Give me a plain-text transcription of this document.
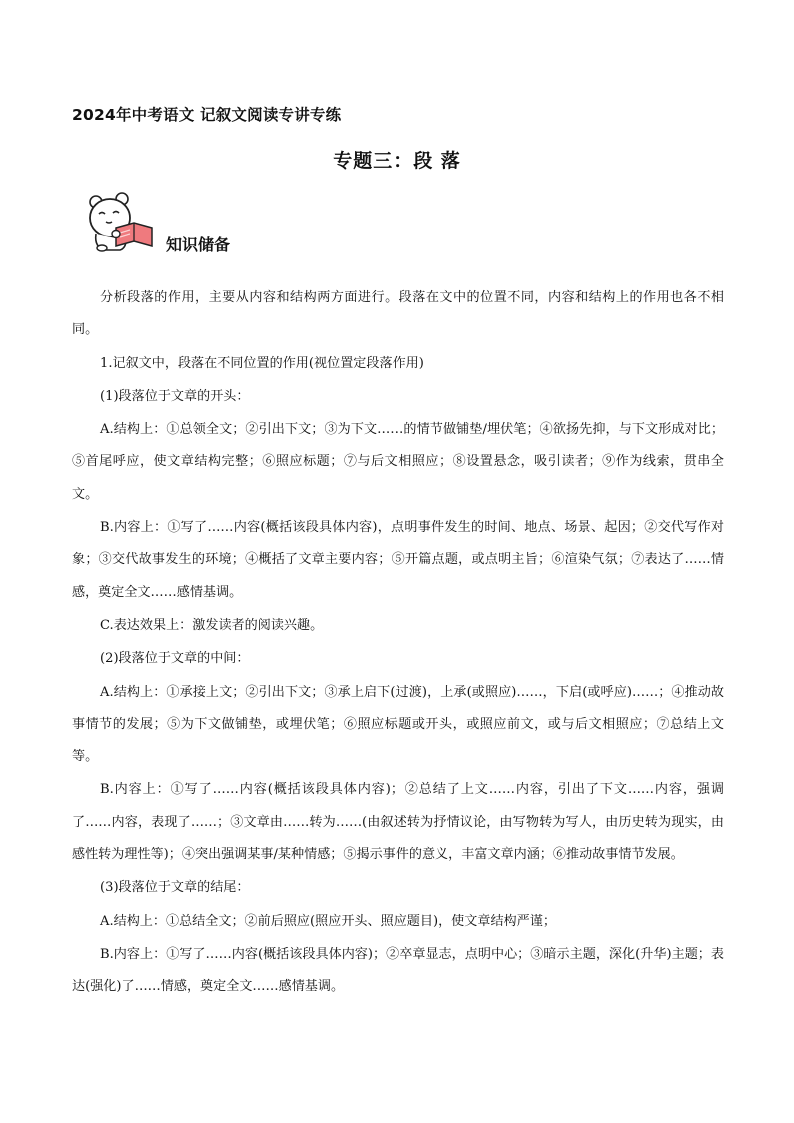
2024年中考语文 记叙文阅读专讲专练
专题三：段 落
知识储备

分析段落的作用，主要从内容和结构两方面进行。段落在文中的位置不同，内容和结构上的作用也各不相同。

1.记叙文中，段落在不同位置的作用(视位置定段落作用)

(1)段落位于文章的开头：

A.结构上：①总领全文；②引出下文；③为下文……的情节做铺垫/埋伏笔；④欲扬先抑，与下文形成对比；⑤首尾呼应，使文章结构完整；⑥照应标题；⑦与后文相照应；⑧设置悬念，吸引读者；⑨作为线索，贯串全文。

B.内容上：①写了……内容(概括该段具体内容)，点明事件发生的时间、地点、场景、起因；②交代写作对象；③交代故事发生的环境；④概括了文章主要内容；⑤开篇点题，或点明主旨；⑥渲染气氛；⑦表达了……情感，奠定全文……感情基调。

C.表达效果上：激发读者的阅读兴趣。

(2)段落位于文章的中间：

A.结构上：①承接上文；②引出下文；③承上启下(过渡)，上承(或照应)……，下启(或呼应)……；④推动故事情节的发展；⑤为下文做铺垫，或埋伏笔；⑥照应标题或开头，或照应前文，或与后文相照应；⑦总结上文等。

B.内容上：①写了……内容(概括该段具体内容)；②总结了上文……内容，引出了下文……内容，强调了……内容，表现了……；③文章由……转为……(由叙述转为抒情议论，由写物转为写人，由历史转为现实，由感性转为理性等)；④突出强调某事/某种情感；⑤揭示事件的意义，丰富文章内涵；⑥推动故事情节发展。

(3)段落位于文章的结尾：

A.结构上：①总结全文；②前后照应(照应开头、照应题目)，使文章结构严谨；

B.内容上：①写了……内容(概括该段具体内容)；②卒章显志，点明中心；③暗示主题，深化(升华)主题；表达(强化)了……情感，奠定全文……感情基调。
